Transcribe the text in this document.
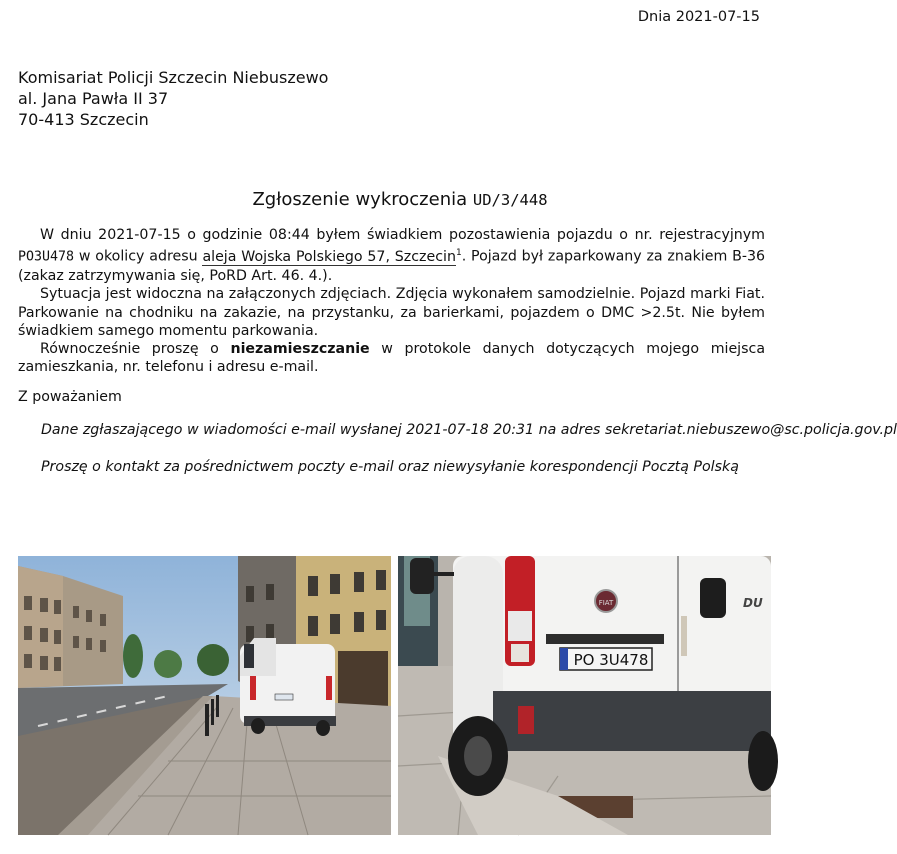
Dnia 2021-07-15
Komisariat Policji Szczecin Niebuszewo
al. Jana Pawła II 37
70-413 Szczecin
Zgłoszenie wykroczenia UD/3/448

W dniu 2021-07-15 o godzinie 08:44 byłem świadkiem pozostawienia pojazdu o nr. rejestracyjnym PO3U478 w okolicy adresu aleja Wojska Polskiego 57, Szczecin$^1$. Pojazd był zaparkowany za znakiem B-36 (zakaz zatrzymywania się, PoRD Art. 46. 4.).

Sytuacja jest widoczna na załączonych zdjęciach. Zdjęcia wykonałem samodzielnie. Pojazd marki Fiat. Parkowanie na chodniku na zakazie, na przystanku, za barierkami, pojazdem o DMC >2.5t. Nie byłem świadkiem samego momentu parkowania.

Równocześnie proszę o niezamieszczanie w protokole danych dotyczących mojego miejsca zamieszkania, nr. telefonu i adresu e-mail.

Z poważaniem
Dane zgłaszającego w wiadomości e-mail wysłanej 2021-07-18 20:31 na adres sekretariat.niebuszewo@sc.policja.gov.pl
Proszę o kontakt za pośrednictwem poczty e-mail oraz niewysyłanie korespondencji Pocztą Polską
FIAT	DU
PO 3U478
